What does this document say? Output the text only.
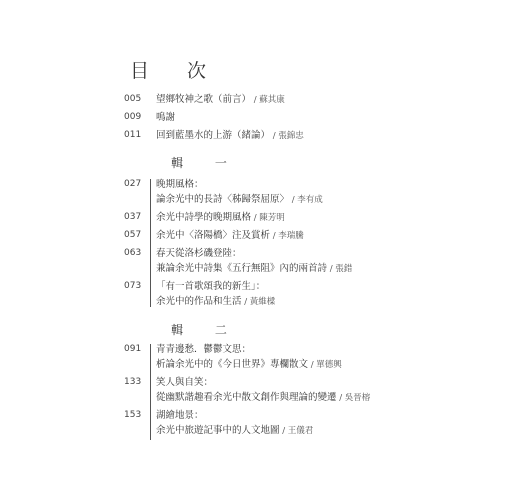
目 次
005	望鄉牧神之歌（前言） / 蘇其康
009	鳴謝
011	回到藍墨水的上游（緒論） / 張錦忠
輯 一
027	晚期風格：
論余光中的長詩〈秭歸祭屈原〉 / 李有成
037	余光中詩學的晚期風格 / 陳芳明
057	余光中〈洛陽橋〉注及賞析 / 李瑞騰
063	春天從洛杉磯登陸：
兼論余光中詩集《五行無阻》內的兩首詩 / 張錯
073	「有一首歌頌我的新生」：
余光中的作品和生活 / 黃維樑
輯 二
091	青青邊愁．鬱鬱文思：
析論余光中的《今日世界》專欄散文 / 單德興
133	笑人與自笑：
從幽默諧趣看余光中散文創作與理論的變遷 / 吳晉榕
153	湖繪地景：
余光中旅遊記事中的人文地圖 / 王儀君
